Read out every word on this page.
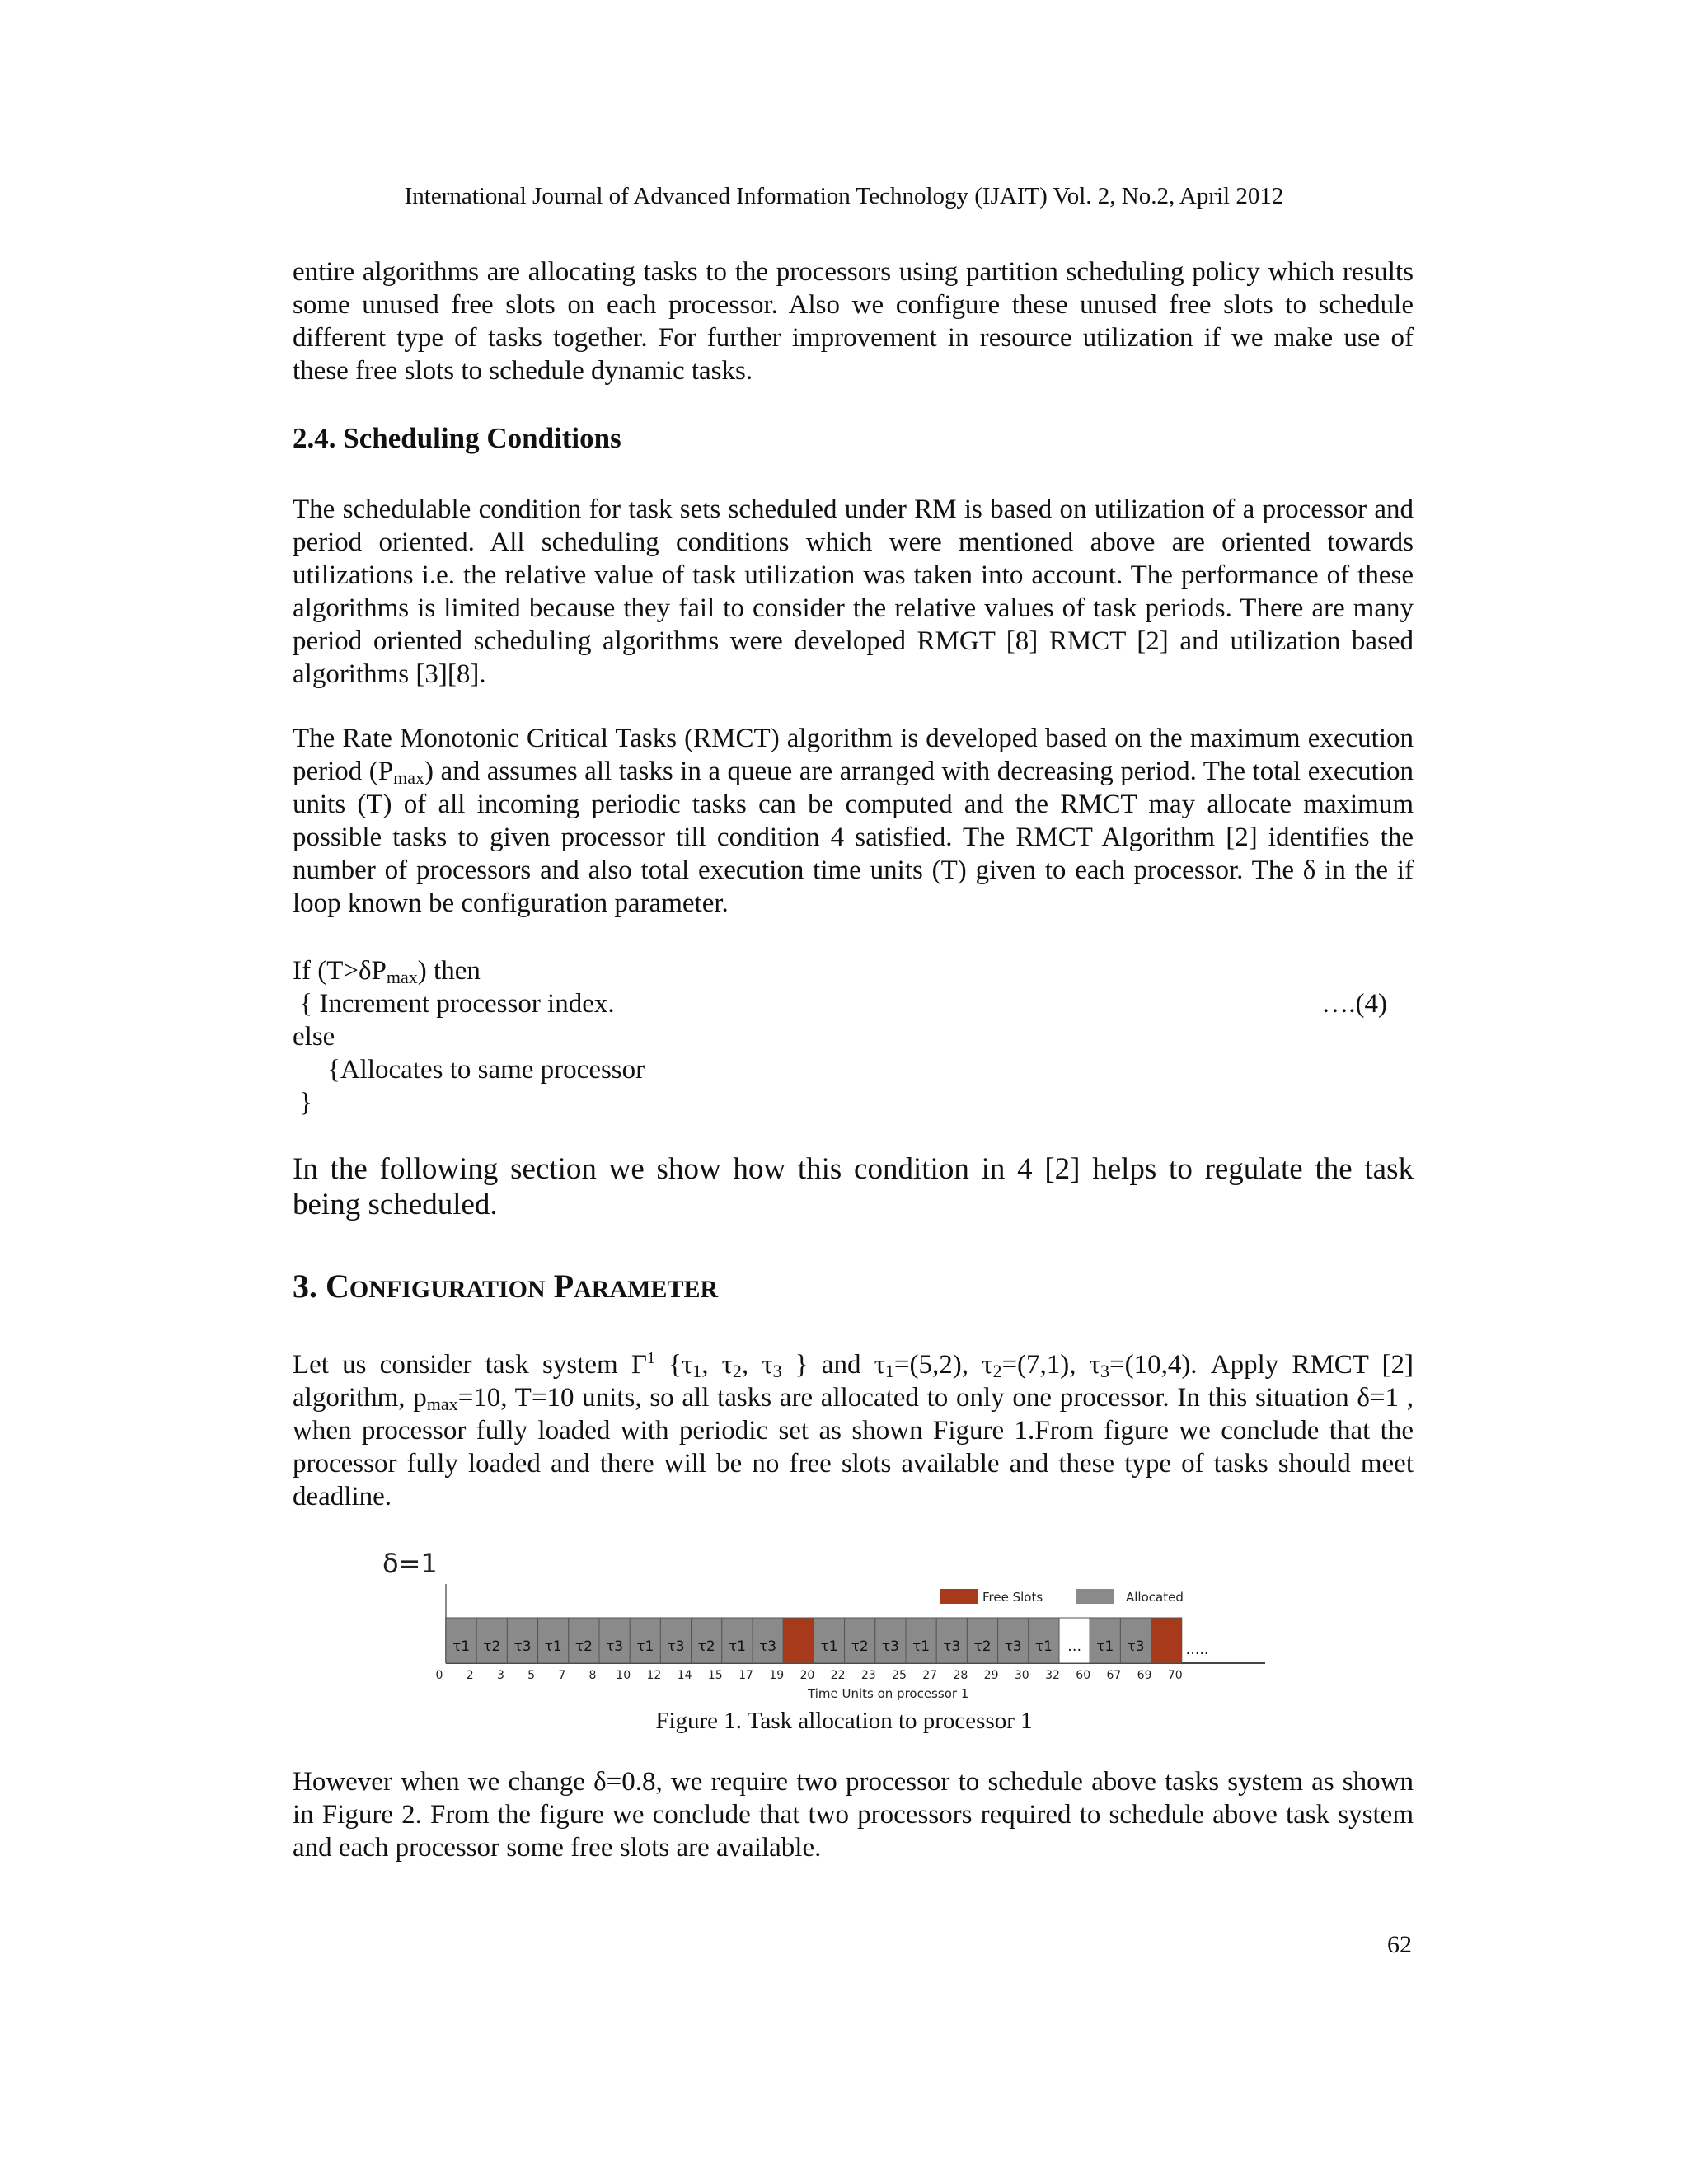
International Journal of Advanced Information Technology (IJAIT) Vol. 2, No.2, April 2012

entire algorithms are allocating tasks to the processors using partition scheduling policy which results some unused free slots on each processor. Also we configure these unused free slots to schedule different type of tasks together. For further improvement in resource utilization if we make use of these free slots to schedule dynamic tasks.

2.4. Scheduling Conditions

The schedulable condition for task sets scheduled under RM is based on utilization of a processor and period oriented. All scheduling conditions which were mentioned above are oriented towards utilizations i.e. the relative value of task utilization was taken into account. The performance of these algorithms is limited because they fail to consider the relative values of task periods. There are many period oriented scheduling algorithms were developed RMGT [8] RMCT [2] and utilization based algorithms [3][8].

The Rate Monotonic Critical Tasks (RMCT) algorithm is developed based on the maximum execution period $(P_{max})$ and assumes all tasks in a queue are arranged with decreasing period. The total execution units (T) of all incoming periodic tasks can be computed and the RMCT may allocate maximum possible tasks to given processor till condition 4 satisfied. The RMCT Algorithm [2] identifies the number of processors and also total execution time units (T) given to each processor. The δ in the if loop known be configuration parameter.

If $(T>\delta P_{max})$ then
{ Increment processor index.
else
{Allocates to same processor
}
….(4)

In the following section we show how this condition in 4 [2] helps to regulate the task being scheduled.

3. CONFIGURATION PARAMETER

Let us consider task system $\Gamma^1$ {$\tau_1$, $\tau_2$, $\tau_3$ } and $\tau_1=(5,2)$, $\tau_2=(7,1)$, $\tau_3=(10,4)$. Apply RMCT [2] algorithm, $p_{max}=10$, T=10 units, so all tasks are allocated to only one processor. In this situation δ=1 , when processor fully loaded with periodic set as shown Figure 1.From figure we conclude that the processor fully loaded and there will be no free slots available and these type of tasks should meet deadline.

δ=1
Free Slots	Allocated
τ1 τ2 τ3 τ1 τ2 τ3 τ1 τ3 τ2 τ1 τ3	τ1 τ2 τ3 τ1 τ3 τ2 τ3 τ1 … τ1 τ3	…..
0 2 3 5 7 8 10 12 14 15 17 19 20 22 23 25 27 28 29 30 32 60 67 69 70
Time Units on processor 1
Figure 1. Task allocation to processor 1

However when we change δ=0.8, we require two processor to schedule above tasks system as shown in Figure 2. From the figure we conclude that two processors required to schedule above task system and each processor some free slots are available.

62
